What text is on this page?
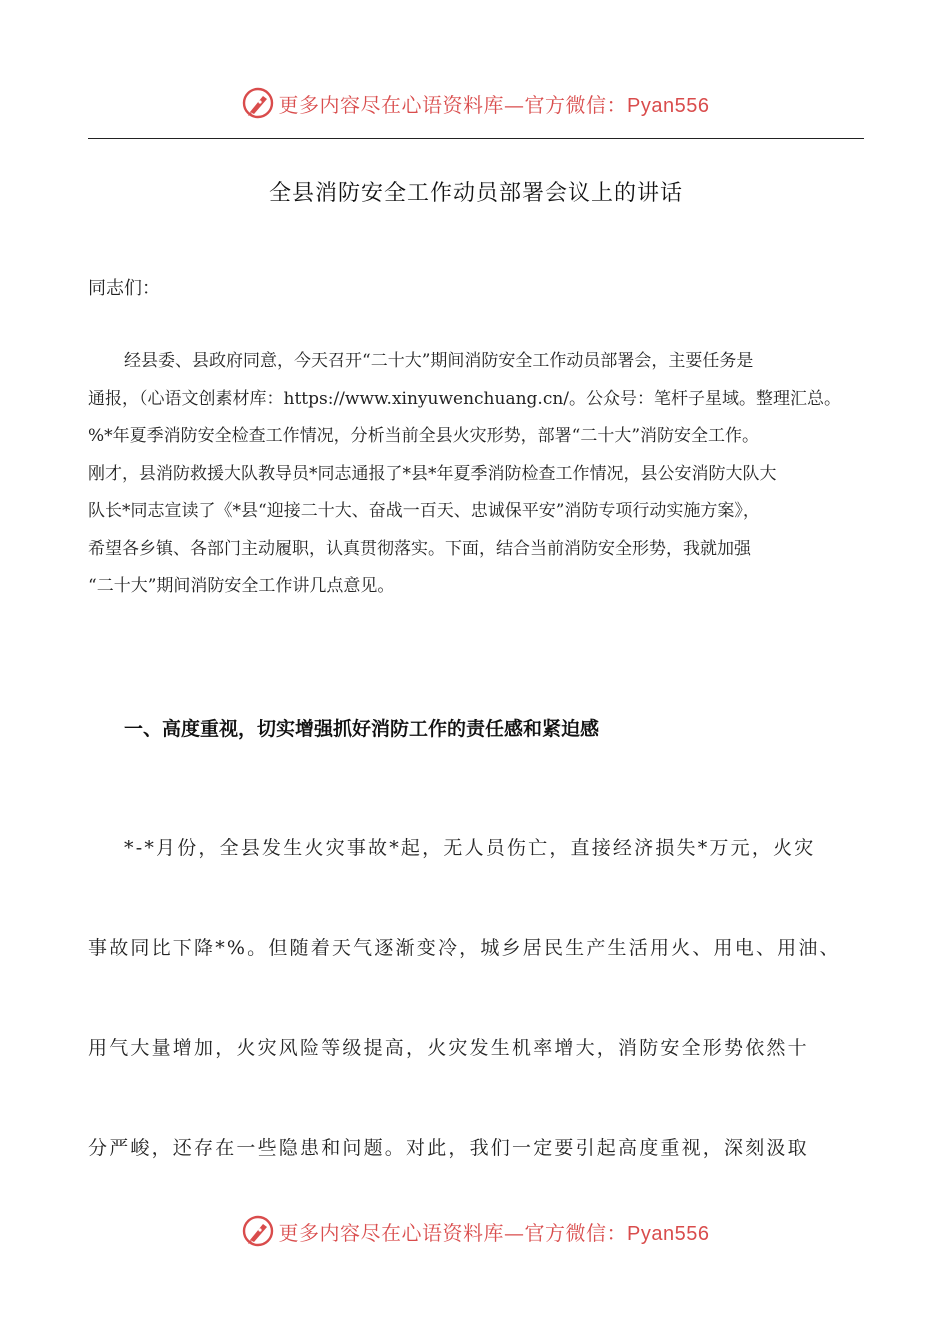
更多内容尽在心语资料库—官方微信：Pyan556
全县消防安全工作动员部署会议上的讲话
同志们：
经县委、县政府同意，今天召开“二十大”期间消防安全工作动员部署会，主要任务是
通报，（心语文创素材库：https://www.xinyuwenchuang.cn/。公众号：笔杆子星域。整理汇总。
%*年夏季消防安全检查工作情况，分析当前全县火灾形势，部署“二十大”消防安全工作。
刚才，县消防救援大队教导员*同志通报了*县*年夏季消防检查工作情况，县公安消防大队大
队长*同志宣读了《*县“迎接二十大、奋战一百天、忠诚保平安”消防专项行动实施方案》，
希望各乡镇、各部门主动履职，认真贯彻落实。下面，结合当前消防安全形势，我就加强
“二十大”期间消防安全工作讲几点意见。
一、高度重视，切实增强抓好消防工作的责任感和紧迫感
*-*月份，全县发生火灾事故*起，无人员伤亡，直接经济损失*万元，火灾
事故同比下降*%。但随着天气逐渐变冷，城乡居民生产生活用火、用电、用油、
用气大量增加，火灾风险等级提高，火灾发生机率增大，消防安全形势依然十
分严峻，还存在一些隐患和问题。对此，我们一定要引起高度重视，深刻汲取
更多内容尽在心语资料库—官方微信：Pyan556
